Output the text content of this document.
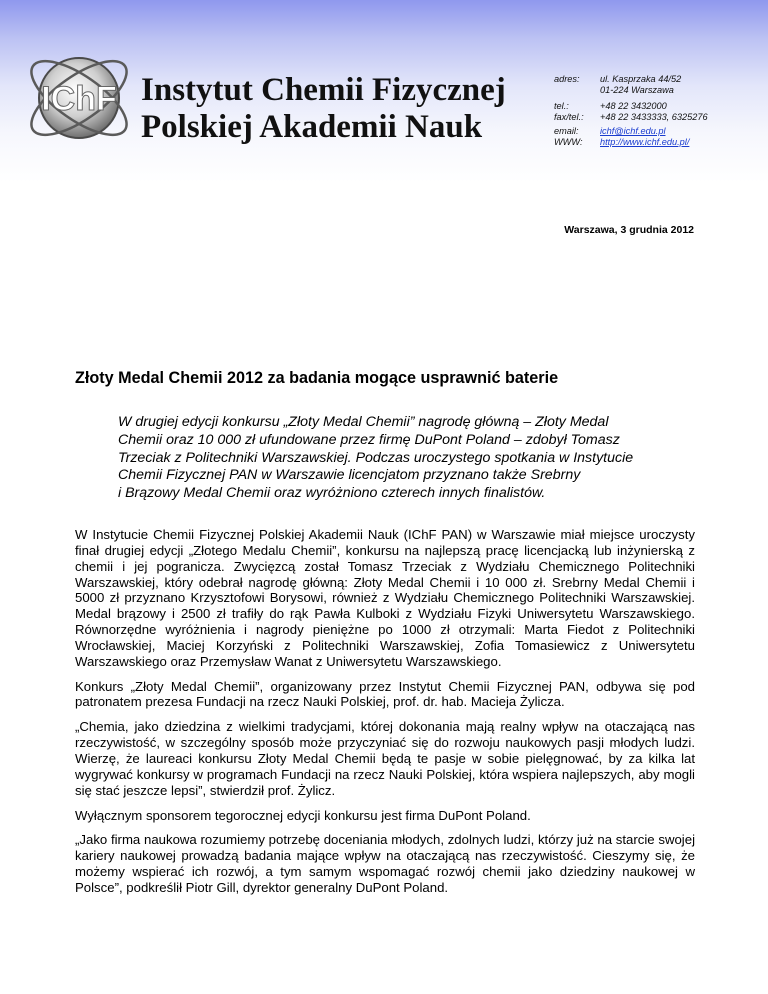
IChF Instytut Chemii Fizycznej
Polskiej Akademii Nauk
adres:	ul. Kasprzaka 44/52
01-224 Warszawa
tel.:	+48 22 3432000
fax/tel.:	+48 22 3433333, 6325276
email:	ichf@ichf.edu.pl
WWW:	http://www.ichf.edu.pl/
Warszawa, 3 grudnia 2012
Złoty Medal Chemii 2012 za badania mogące usprawnić baterie
W drugiej edycji konkursu „Złoty Medal Chemii” nagrodę główną – Złoty Medal
Chemii oraz 10 000 zł ufundowane przez firmę DuPont Poland – zdobył Tomasz
Trzeciak z Politechniki Warszawskiej. Podczas uroczystego spotkania w Instytucie
Chemii Fizycznej PAN w Warszawie licencjatom przyznano także Srebrny
i Brązowy Medal Chemii oraz wyróżniono czterech innych finalistów.

W Instytucie Chemii Fizycznej Polskiej Akademii Nauk (IChF PAN) w Warszawie miał miejsce uroczysty finał drugiej edycji „Złotego Medalu Chemii”, konkursu na najlepszą pracę licencjacką lub inżynierską z chemii i jej pogranicza. Zwycięzcą został Tomasz Trzeciak z Wydziału Chemicznego Politechniki Warszawskiej, który odebrał nagrodę główną: Złoty Medal Chemii i 10 000 zł. Srebrny Medal Chemii i 5000 zł przyznano Krzysztofowi Borysowi, również z Wydziału Chemicznego Politechniki Warszawskiej. Medal brązowy i 2500 zł trafiły do rąk Pawła Kulboki z Wydziału Fizyki Uniwersytetu Warszawskiego. Równorzędne wyróżnienia i nagrody pieniężne po 1000 zł otrzymali: Marta Fiedot z Politechniki Wrocławskiej, Maciej Korzyński z Politechniki Warszawskiej, Zofia Tomasiewicz z Uniwersytetu Warszawskiego oraz Przemysław Wanat z Uniwersytetu Warszawskiego.

Konkurs „Złoty Medal Chemii”, organizowany przez Instytut Chemii Fizycznej PAN, odbywa się pod patronatem prezesa Fundacji na rzecz Nauki Polskiej, prof. dr. hab. Macieja Żylicza.

„Chemia, jako dziedzina z wielkimi tradycjami, której dokonania mają realny wpływ na otaczającą nas rzeczywistość, w szczególny sposób może przyczyniać się do rozwoju naukowych pasji młodych ludzi. Wierzę, że laureaci konkursu Złoty Medal Chemii będą te pasje w sobie pielęgnować, by za kilka lat wygrywać konkursy w programach Fundacji na rzecz Nauki Polskiej, która wspiera najlepszych, aby mogli się stać jeszcze lepsi”, stwierdził prof. Żylicz.

Wyłącznym sponsorem tegorocznej edycji konkursu jest firma DuPont Poland.

„Jako firma naukowa rozumiemy potrzebę doceniania młodych, zdolnych ludzi, którzy już na starcie swojej kariery naukowej prowadzą badania mające wpływ na otaczającą nas rzeczywistość. Cieszymy się, że możemy wspierać ich rozwój, a tym samym wspomagać rozwój chemii jako dziedziny naukowej w Polsce”, podkreślił Piotr Gill, dyrektor generalny DuPont Poland.
